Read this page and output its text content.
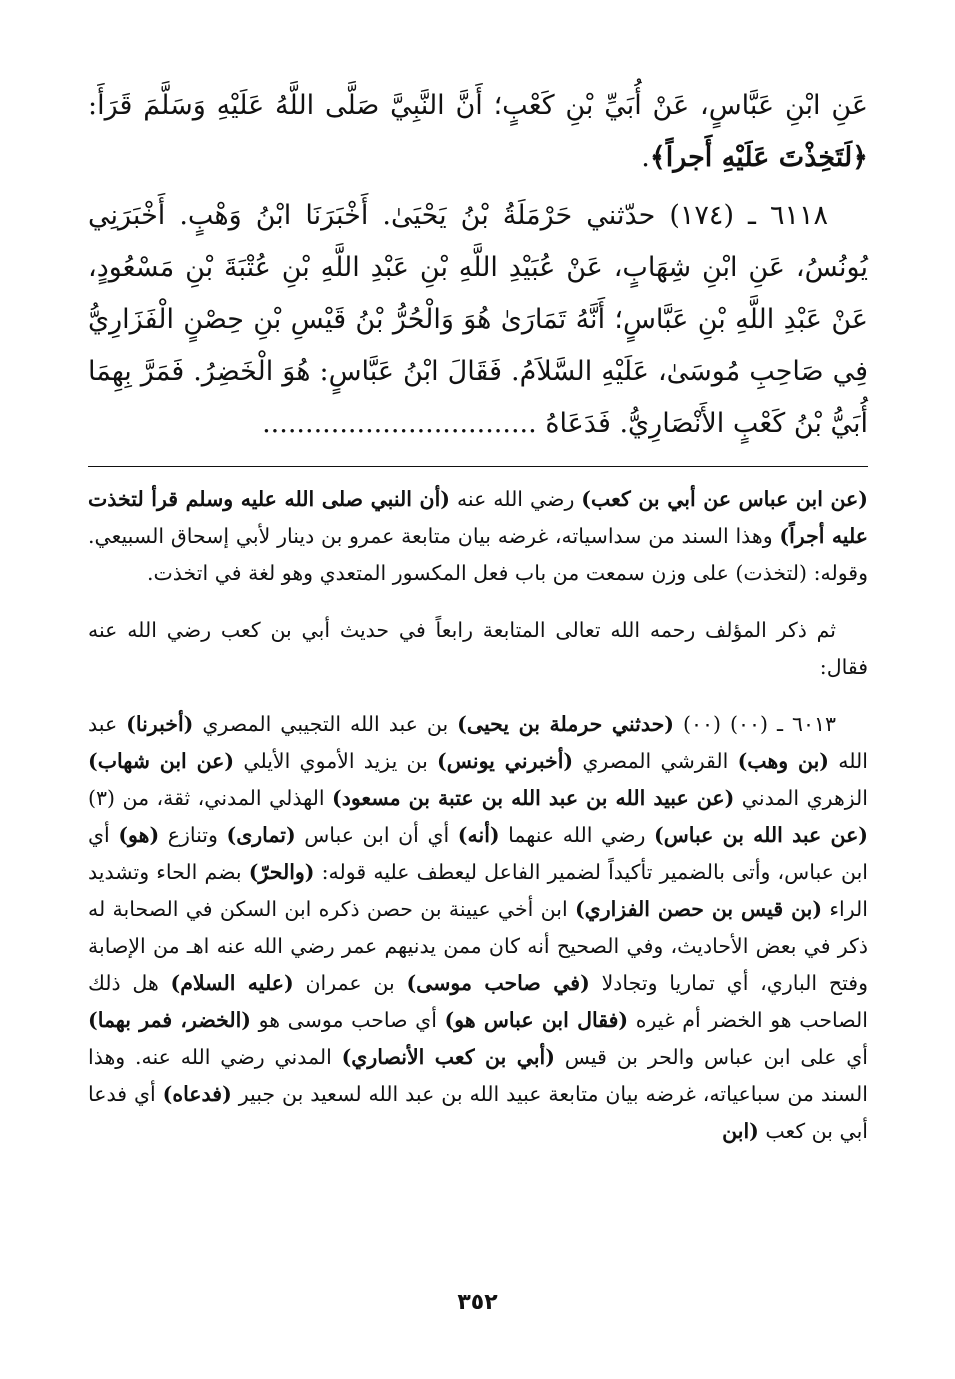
عَنِ ابْنِ عَبَّاسٍ، عَنْ أُبَيِّ بْنِ كَعْبٍ؛ أَنَّ النَّبِيَّ صَلَّى اللَّهُ عَلَيْهِ وَسَلَّمَ قَرَأَ: ﴿لَتَخِذْتَ عَلَيْهِ أَجراً﴾.

٦١١٨ ـ (١٧٤) حدّثني حَرْمَلَةُ بْنُ يَحْيَىٰ. أَخْبَرَنَا ابْنُ وَهْبٍ. أَخْبَرَنِي يُونُسُ، عَنِ ابْنِ شِهَابٍ، عَنْ عُبَيْدِ اللَّهِ بْنِ عَبْدِ اللَّهِ بْنِ عُتْبَةَ بْنِ مَسْعُودٍ، عَنْ عَبْدِ اللَّهِ بْنِ عَبَّاسٍ؛ أَنَّهُ تَمَارَىٰ هُوَ وَالْحُرُّ بْنُ قَيْسِ بْنِ حِصْنٍ الْفَزَارِيُّ فِي صَاحِبِ مُوسَىٰ، عَلَيْهِ السَّلاَمُ. فَقَالَ ابْنُ عَبَّاسٍ: هُوَ الْخَضِرُ. فَمَرَّ بِهِمَا أُبَيُّ بْنُ كَعْبٍ الأَنْصَارِيُّ. فَدَعَاهُ ................................

(عن ابن عباس عن أبي بن كعب) رضي الله عنه (أن النبي صلى الله عليه وسلم قرأ لتخذت عليه أجراً) وهذا السند من سداسياته، غرضه بيان متابعة عمرو بن دينار لأبي إسحاق السبيعي. وقوله: (لتخذت) على وزن سمعت من باب فعل المكسور المتعدي وهو لغة في اتخذت.

ثم ذكر المؤلف رحمه الله تعالى المتابعة رابعاً في حديث أبي بن كعب رضي الله عنه فقال:

٦٠١٣ ـ (٠٠) (٠٠) (حدثني حرملة بن يحيى) بن عبد الله التجيبي المصري (أخبرنا) عبد الله (بن وهب) القرشي المصري (أخبرني يونس) بن يزيد الأموي الأيلي (عن ابن شهاب) الزهري المدني (عن عبيد الله بن عبد الله بن عتبة بن مسعود) الهذلي المدني، ثقة، من (٣) (عن عبد الله بن عباس) رضي الله عنهما (أنه) أي أن ابن عباس (تمارى) وتنازع (هو) أي ابن عباس، وأتى بالضمير تأكيداً لضمير الفاعل ليعطف عليه قوله: (والحرّ) بضم الحاء وتشديد الراء (بن قيس بن حصن الفزاري) ابن أخي عيينة بن حصن ذكره ابن السكن في الصحابة له ذكر في بعض الأحاديث، وفي الصحيح أنه كان ممن يدنيهم عمر رضي الله عنه اهـ من الإصابة وفتح الباري، أي تماريا وتجادلا (في صاحب موسى) بن عمران (عليه السلام) هل ذلك الصاحب هو الخضر أم غيره (فقال ابن عباس هو) أي صاحب موسى هو (الخضر، فمر بهما) أي على ابن عباس والحر بن قيس (أبي بن كعب الأنصاري) المدني رضي الله عنه. وهذا السند من سباعياته، غرضه بيان متابعة عبيد الله بن عبد الله لسعيد بن جبير (فدعاه) أي فدعا أبي بن كعب (ابن

٣٥٢
